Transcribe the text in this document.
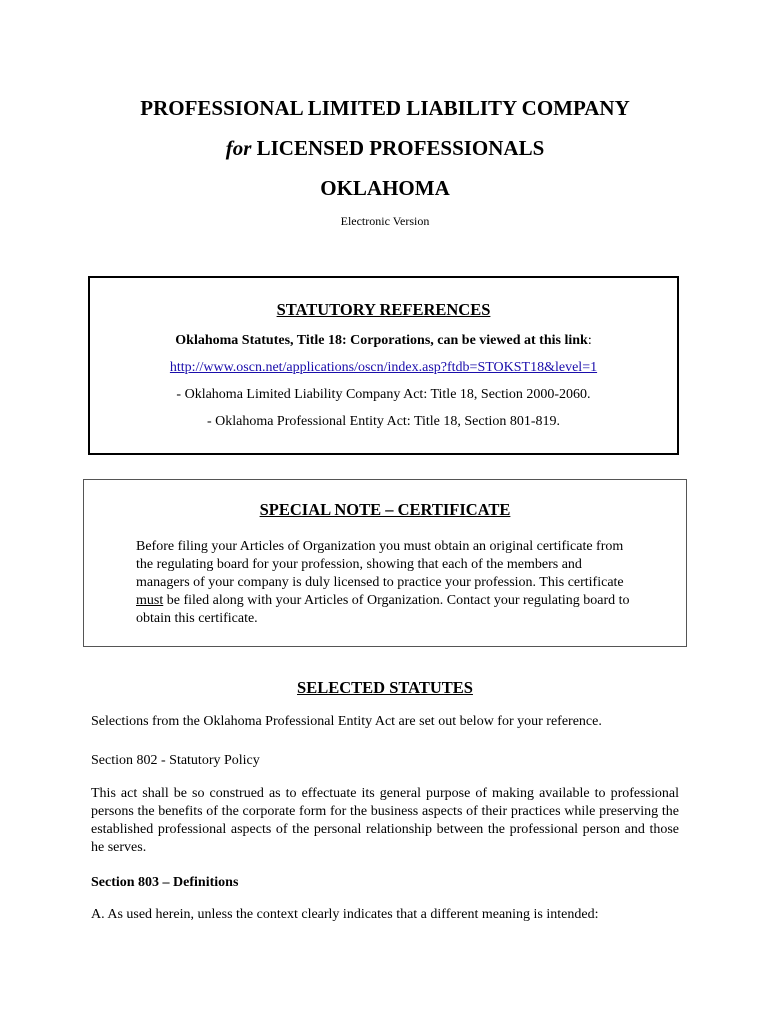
PROFESSIONAL LIMITED LIABILITY COMPANY
for LICENSED PROFESSIONALS
OKLAHOMA
Electronic Version
STATUTORY REFERENCES
Oklahoma Statutes, Title 18: Corporations, can be viewed at this link:
http://www.oscn.net/applications/oscn/index.asp?ftdb=STOKST18&level=1
- Oklahoma Limited Liability Company Act: Title 18, Section 2000-2060.
- Oklahoma Professional Entity Act: Title 18, Section 801-819.
SPECIAL NOTE – CERTIFICATE
Before filing your Articles of Organization you must obtain an original certificate from the regulating board for your profession, showing that each of the members and managers of your company is duly licensed to practice your profession. This certificate must be filed along with your Articles of Organization. Contact your regulating board to obtain this certificate.
SELECTED STATUTES
Selections from the Oklahoma Professional Entity Act are set out below for your reference.
Section 802 - Statutory Policy
This act shall be so construed as to effectuate its general purpose of making available to professional persons the benefits of the corporate form for the business aspects of their practices while preserving the established professional aspects of the personal relationship between the professional person and those he serves.
Section 803 – Definitions
A. As used herein, unless the context clearly indicates that a different meaning is intended:
